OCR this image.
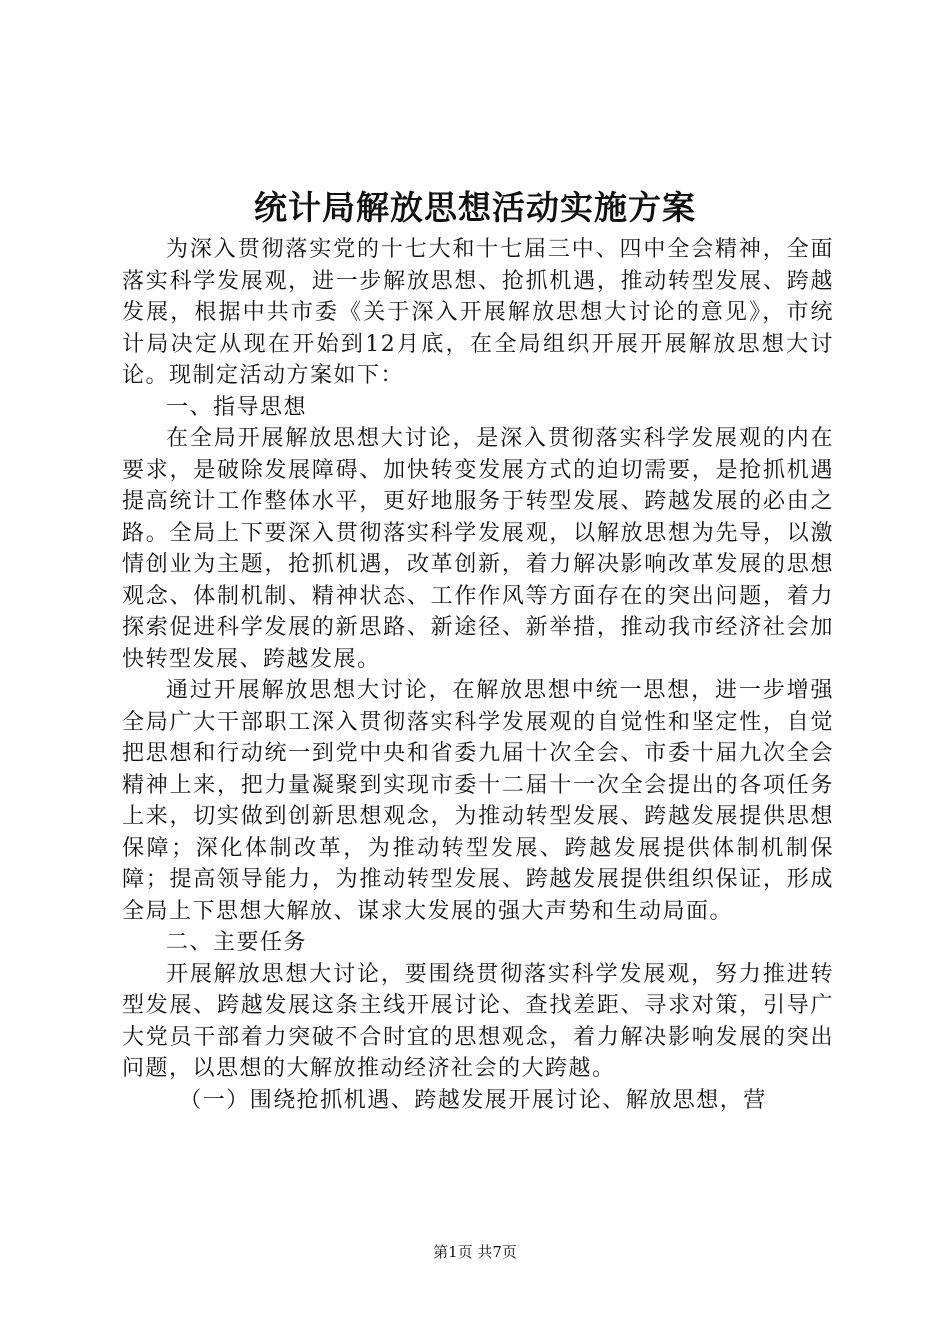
统计局解放思想活动实施方案

为深入贯彻落实党的十七大和十七届三中、四中全会精神，全面落实科学发展观，进一步解放思想、抢抓机遇，推动转型发展、跨越发展，根据中共市委《关于深入开展解放思想大讨论的意见》，市统计局决定从现在开始到12月底，在全局组织开展开展解放思想大讨论。现制定活动方案如下：

一、指导思想

在全局开展解放思想大讨论，是深入贯彻落实科学发展观的内在要求，是破除发展障碍、加快转变发展方式的迫切需要，是抢抓机遇提高统计工作整体水平，更好地服务于转型发展、跨越发展的必由之路。全局上下要深入贯彻落实科学发展观，以解放思想为先导，以激情创业为主题，抢抓机遇，改革创新，着力解决影响改革发展的思想观念、体制机制、精神状态、工作作风等方面存在的突出问题，着力探索促进科学发展的新思路、新途径、新举措，推动我市经济社会加快转型发展、跨越发展。

通过开展解放思想大讨论，在解放思想中统一思想，进一步增强全局广大干部职工深入贯彻落实科学发展观的自觉性和坚定性，自觉把思想和行动统一到党中央和省委九届十次全会、市委十届九次全会精神上来，把力量凝聚到实现市委十二届十一次全会提出的各项任务上来，切实做到创新思想观念，为推动转型发展、跨越发展提供思想保障；深化体制改革，为推动转型发展、跨越发展提供体制机制保障；提高领导能力，为推动转型发展、跨越发展提供组织保证，形成全局上下思想大解放、谋求大发展的强大声势和生动局面。

二、主要任务

开展解放思想大讨论，要围绕贯彻落实科学发展观，努力推进转型发展、跨越发展这条主线开展讨论、查找差距、寻求对策，引导广大党员干部着力突破不合时宜的思想观念，着力解决影响发展的突出问题，以思想的大解放推动经济社会的大跨越。

（一）围绕抢抓机遇、跨越发展开展讨论、解放思想，营

第1页 共7页
